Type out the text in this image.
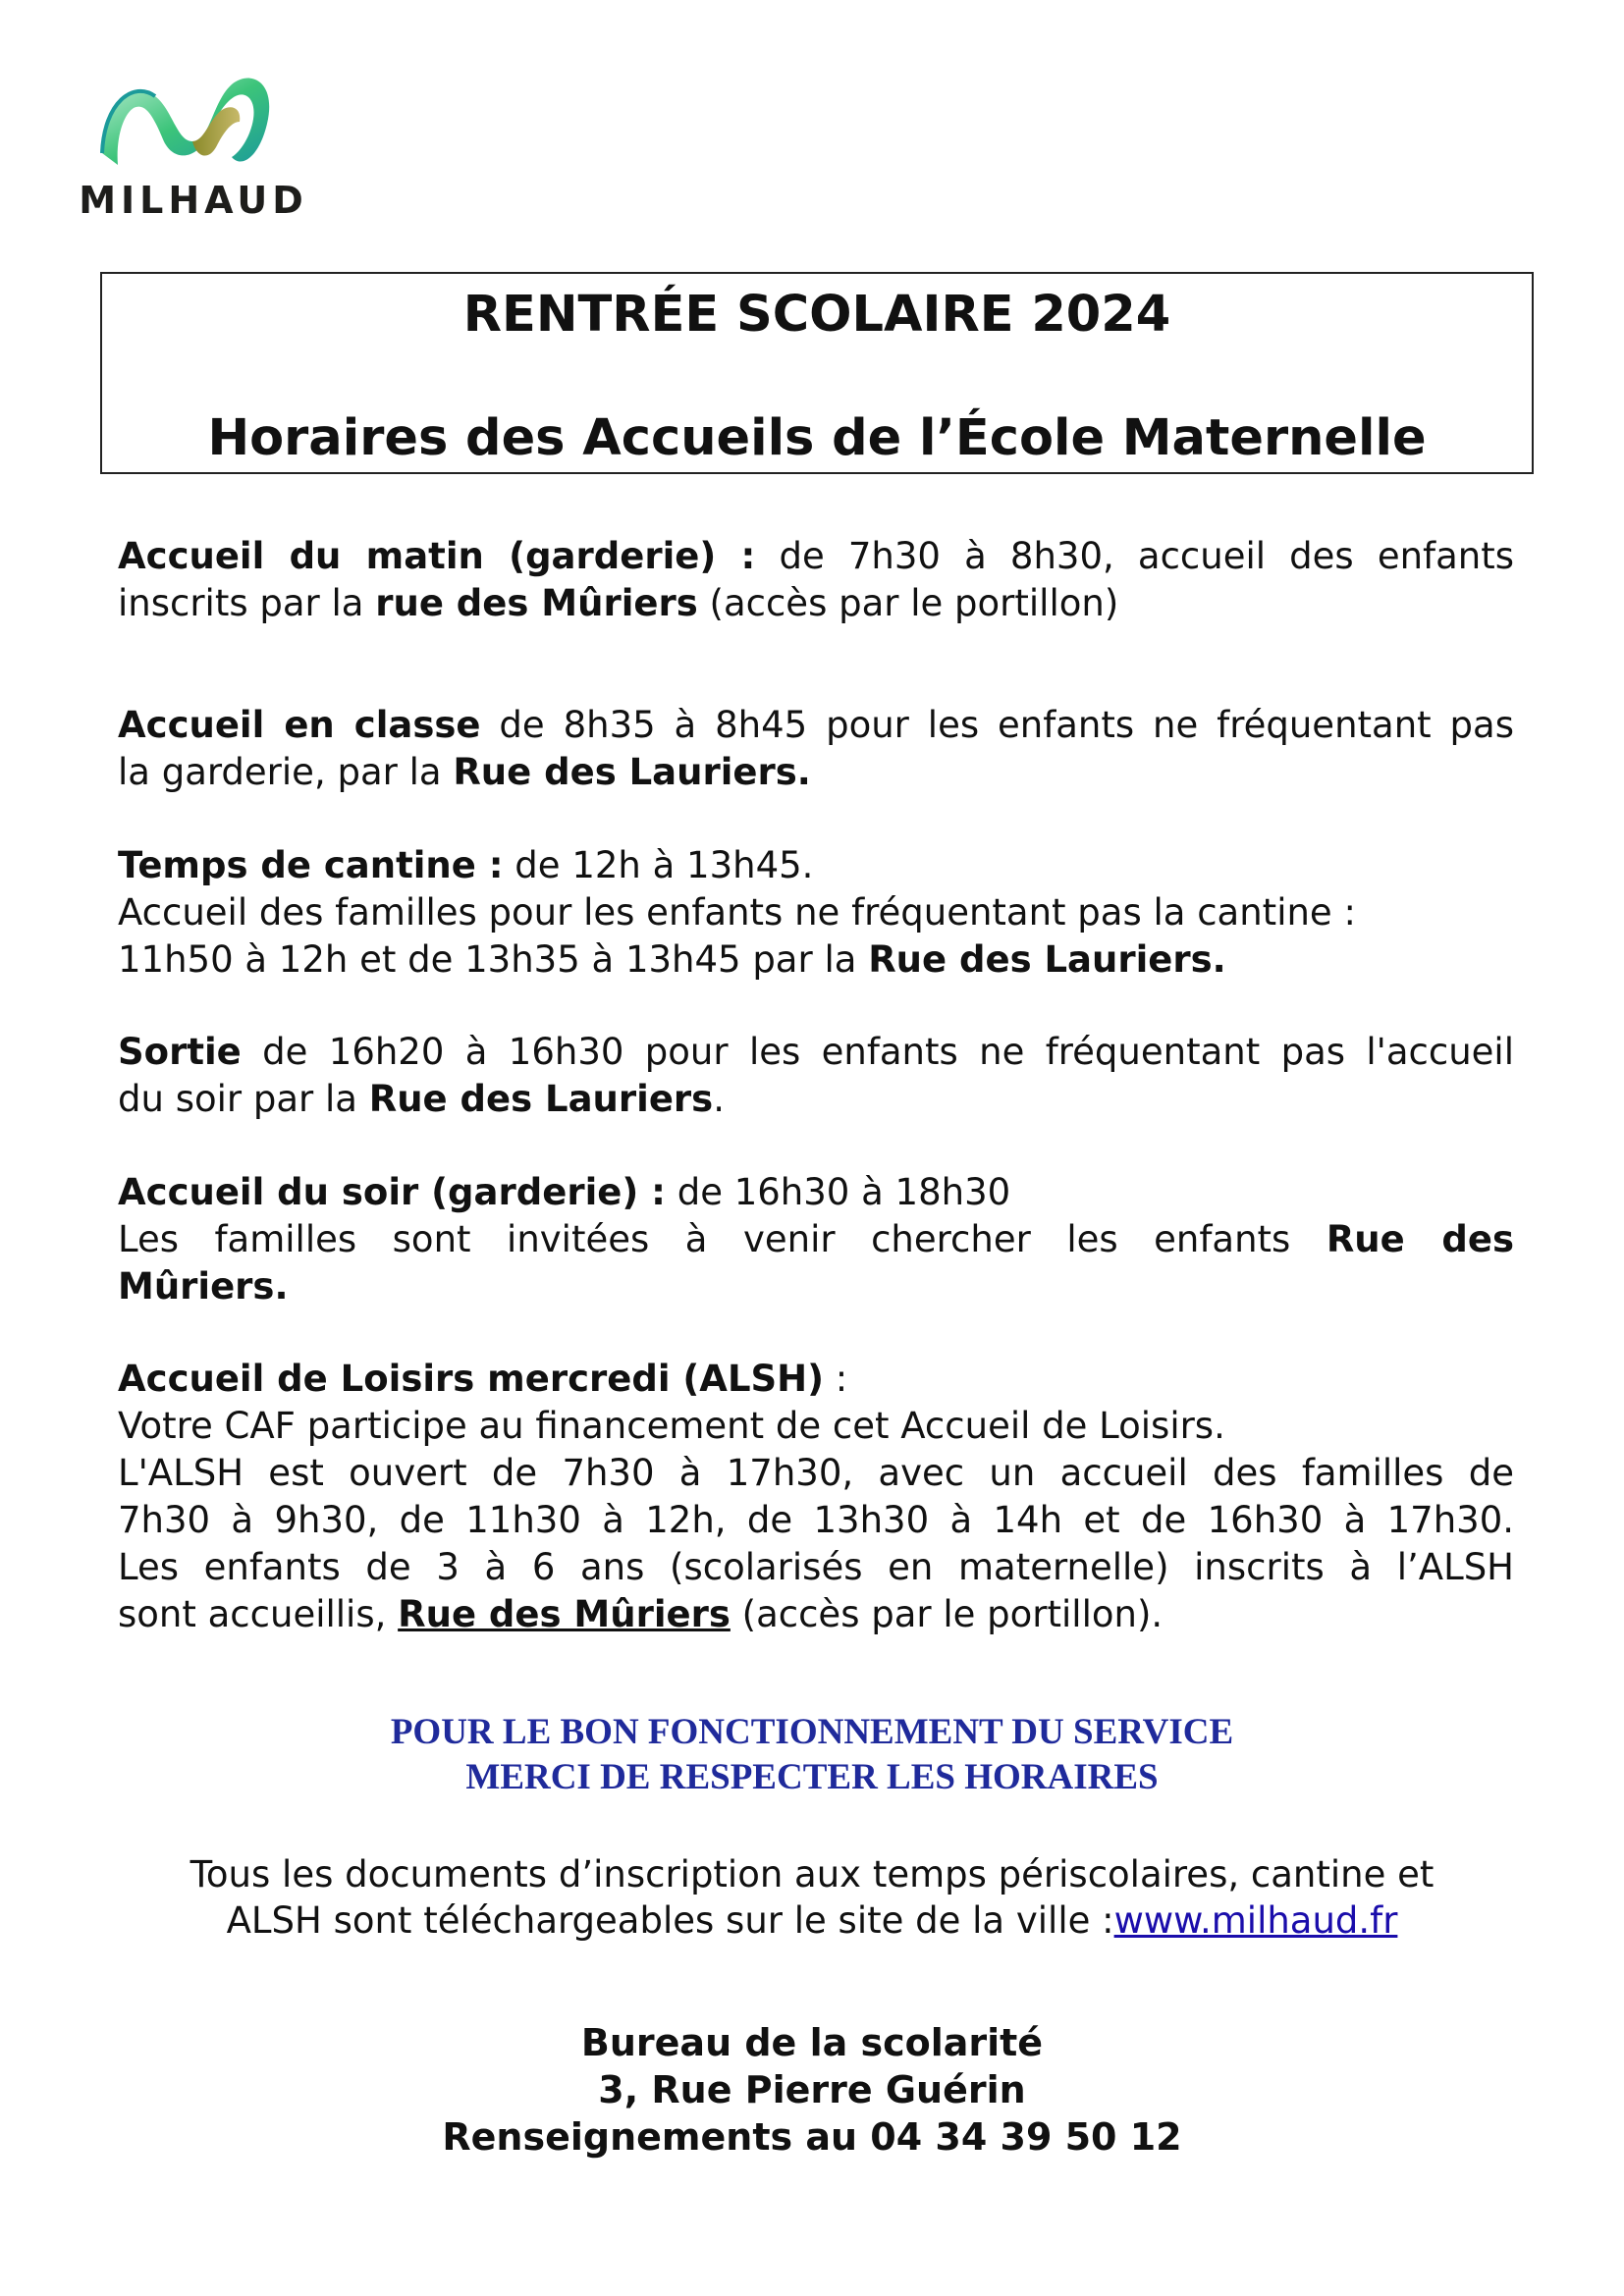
MILHAUD
RENTRÉE SCOLAIRE 2024
Horaires des Accueils de l’École Maternelle
Accueil du matin (garderie) : de 7h30 à 8h30, accueil des enfants
inscrits par la rue des Mûriers (accès par le portillon)
Accueil en classe de 8h35 à 8h45 pour les enfants ne fréquentant pas
la garderie, par la Rue des Lauriers.
Temps de cantine : de 12h à 13h45.
Accueil des familles pour les enfants ne fréquentant pas la cantine :
11h50 à 12h et de 13h35 à 13h45 par la Rue des Lauriers.
Sortie de 16h20 à 16h30 pour les enfants ne fréquentant pas l'accueil
du soir par la Rue des Lauriers.
Accueil du soir (garderie) : de 16h30 à 18h30
Les familles sont invitées à venir chercher les enfants Rue des
Mûriers.
Accueil de Loisirs mercredi (ALSH) :
Votre CAF participe au financement de cet Accueil de Loisirs.
L'ALSH est ouvert de 7h30 à 17h30, avec un accueil des familles de
7h30 à 9h30, de 11h30 à 12h, de 13h30 à 14h et de 16h30 à 17h30.
Les enfants de 3 à 6 ans (scolarisés en maternelle) inscrits à l’ALSH
sont accueillis, Rue des Mûriers (accès par le portillon).
POUR LE BON FONCTIONNEMENT DU SERVICE
MERCI DE RESPECTER LES HORAIRES
Tous les documents d’inscription aux temps périscolaires, cantine et
ALSH sont téléchargeables sur le site de la ville :www.milhaud.fr
Bureau de la scolarité
3, Rue Pierre Guérin
Renseignements au 04 34 39 50 12
